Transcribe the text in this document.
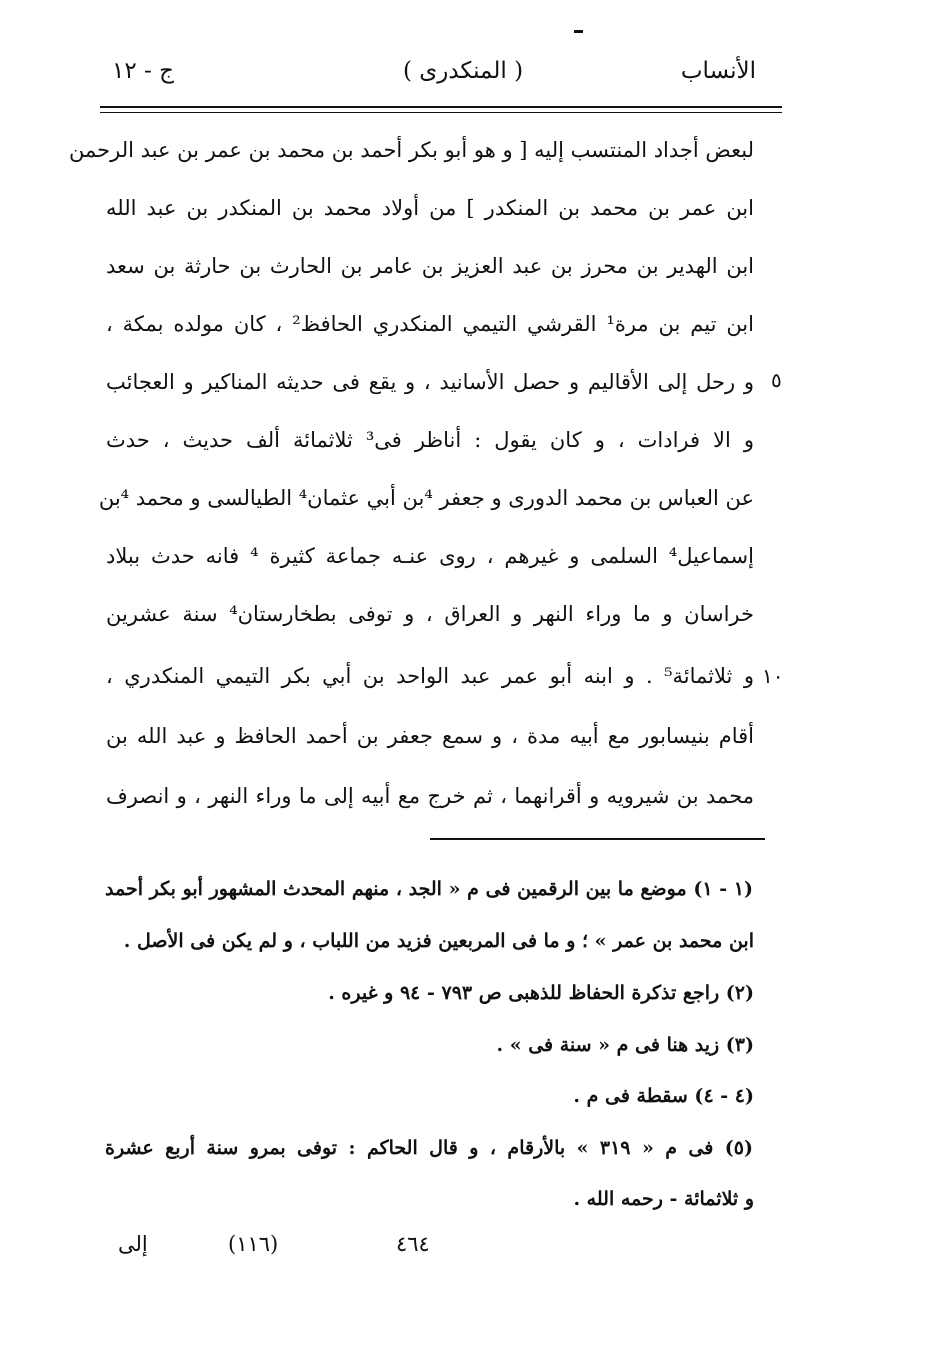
الأنساب
( المنكدرى )
ج - ١٢
لبعض أجداد المنتسب إليه [ و هو أبو بكر أحمد بن محمد بن عمر بن عبد الرحمن
ابن عمر بن محمد بن المنكدر ] من أولاد محمد بن المنكدر بن عبد الله
ابن الهدير بن محرز بن عبد العزيز بن عامر بن الحارث بن حارثة بن سعد
ابن تيم بن مرة¹ القرشي التيمي المنكدري الحافظ² ، كان مولده بمكة ،
و رحل إلى الأقاليم و حصل الأسانيد ، و يقع فى حديثه المناكير و العجائب
و الا فرادات ، و كان يقول : أناظر فى³ ثلاثمائة ألف حديث ، حدث
عن العباس بن محمد الدورى و جعفر ⁴بن أبي عثمان⁴ الطيالسى و محمد ⁴بن
إسماعيل⁴ السلمى و غيرهم ، روى عنـه جماعة كثيرة ⁴ فانه حدث ببلاد
خراسان و ما وراء النهر و العراق ، و توفى بطخارستان⁴ سنة عشرين
و ثلاثمائة⁵ ‌. و ابنه أبو عمر عبد الواحد بن أبي بكر التيمي المنكدري ،
أقام بنيسابور مع أبيه مدة ، و سمع جعفر بن أحمد الحافظ و عبد الله بن
محمد بن شيرويه و أقرانهما ، ثم خرج مع أبيه إلى ما وراء النهر ، و انصرف
٥
١٠
(١ - ١) موضع ما بين الرقمين فى م « الجد ، منهم المحدث المشهور أبو بكر أحمد
ابن محمد بن عمر » ؛ و ما فى المربعين فزيد من اللباب ، و لم يكن فى الأصل .
(٢) راجع تذكرة الحفاظ للذهبى ص ٧٩٣ - ٩٤ و غيره .
(٣) زيد هنا فى م « سنة فى » .
(٤ - ٤) سقطة فى م .
(٥) فى م « ٣١٩ » بالأرقام ، و قال الحاكم : توفى بمرو سنة أربع عشرة
و ثلاثمائة - رحمه الله .
٤٦٤
(١١٦)
إلى
